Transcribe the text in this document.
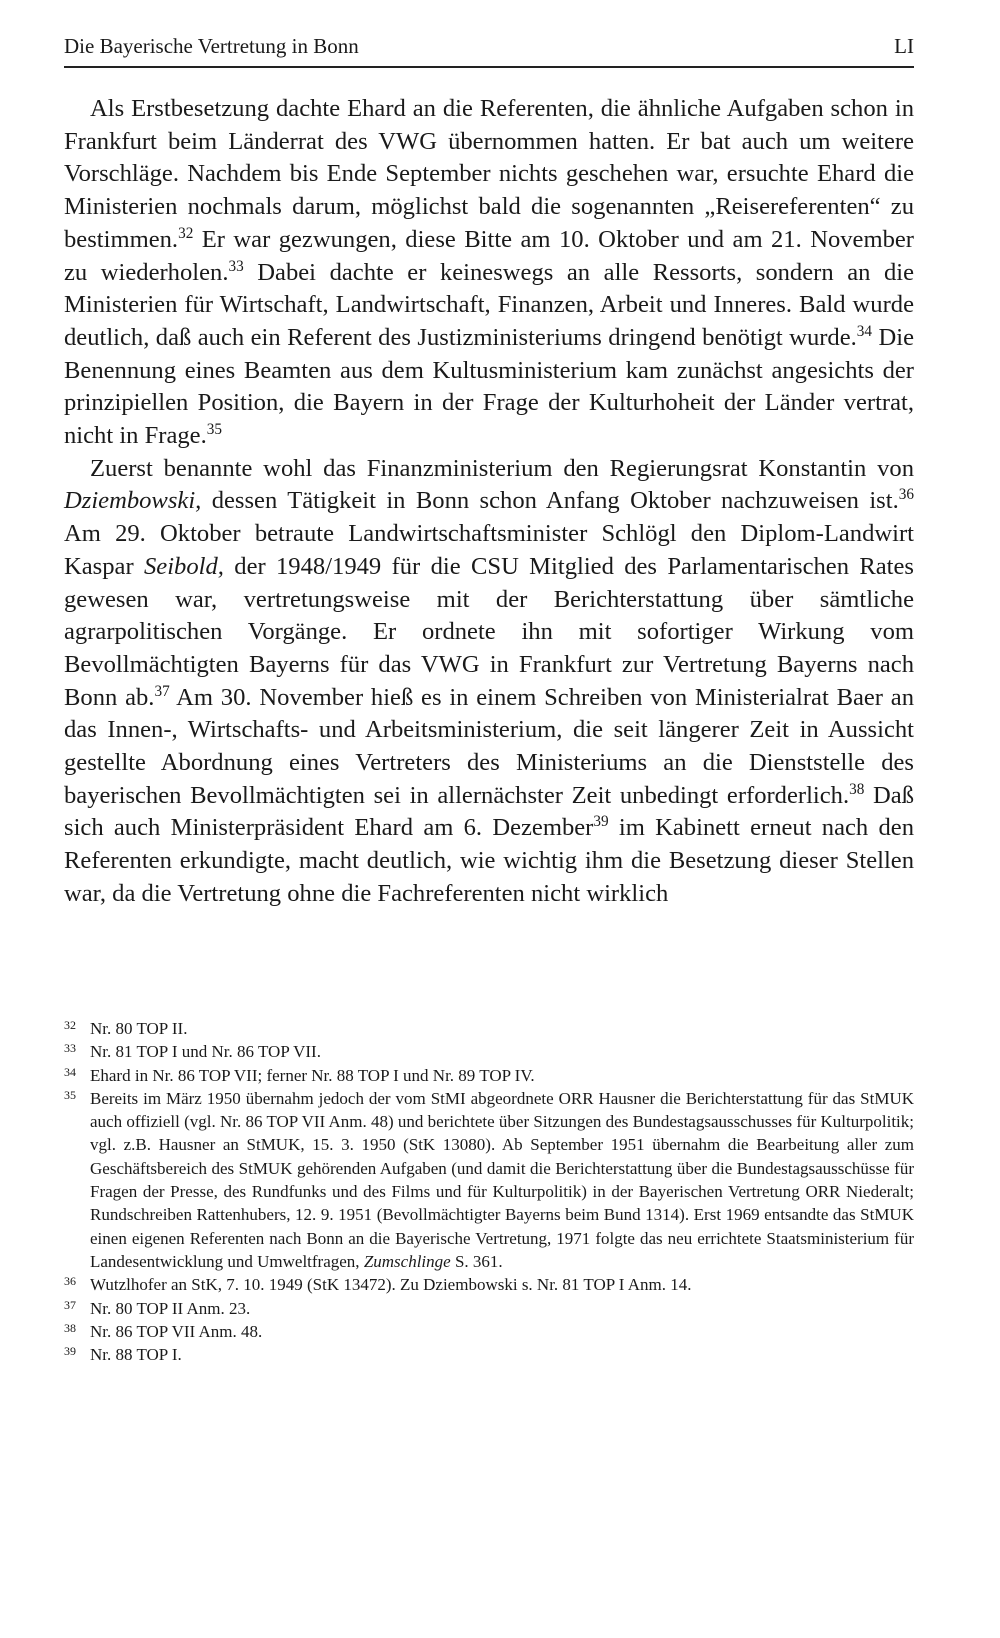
Die Bayerische Vertretung in Bonn	LI

Als Erstbesetzung dachte Ehard an die Referenten, die ähnliche Aufgaben schon in Frankfurt beim Länderrat des VWG übernommen hatten. Er bat auch um weitere Vorschläge. Nachdem bis Ende September nichts geschehen war, ersuchte Ehard die Ministerien nochmals darum, möglichst bald die sogenannten „Reisereferenten“ zu bestimmen.$^{32}$ Er war gezwungen, diese Bitte am 10. Oktober und am 21. November zu wiederholen.$^{33}$ Dabei dachte er keineswegs an alle Ressorts, sondern an die Ministerien für Wirtschaft, Landwirtschaft, Finanzen, Arbeit und Inneres. Bald wurde deutlich, daß auch ein Referent des Justizministeriums dringend benötigt wurde.$^{34}$ Die Benennung eines Beamten aus dem Kultusministerium kam zunächst angesichts der prinzipiellen Position, die Bayern in der Frage der Kulturhoheit der Länder vertrat, nicht in Frage.$^{35}$

Zuerst benannte wohl das Finanzministerium den Regierungsrat Konstantin von Dziembowski, dessen Tätigkeit in Bonn schon Anfang Oktober nachzuweisen ist.$^{36}$ Am 29. Oktober betraute Landwirtschaftsminister Schlögl den Diplom-Landwirt Kaspar Seibold, der 1948/1949 für die CSU Mitglied des Parlamentarischen Rates gewesen war, vertretungsweise mit der Berichterstattung über sämtliche agrarpolitischen Vorgänge. Er ordnete ihn mit sofortiger Wirkung vom Bevollmächtigten Bayerns für das VWG in Frankfurt zur Vertretung Bayerns nach Bonn ab.$^{37}$ Am 30. November hieß es in einem Schreiben von Ministerialrat Baer an das Innen-, Wirtschafts- und Arbeitsministerium, die seit längerer Zeit in Aussicht gestellte Abordnung eines Vertreters des Ministeriums an die Dienststelle des bayerischen Bevollmächtigten sei in allernächster Zeit unbedingt erforderlich.$^{38}$ Daß sich auch Ministerpräsident Ehard am 6. Dezember$^{39}$ im Kabinett erneut nach den Referenten erkundigte, macht deutlich, wie wichtig ihm die Besetzung dieser Stellen war, da die Vertretung ohne die Fachreferenten nicht wirklich

32 Nr. 80 TOP II.
33 Nr. 81 TOP I und Nr. 86 TOP VII.
34 Ehard in Nr. 86 TOP VII; ferner Nr. 88 TOP I und Nr. 89 TOP IV.
35 Bereits im März 1950 übernahm jedoch der vom StMI abgeordnete ORR Hausner die Berichterstattung für das StMUK auch offiziell (vgl. Nr. 86 TOP VII Anm. 48) und berichtete über Sitzungen des Bundestagsausschusses für Kulturpolitik; vgl. z.B. Hausner an StMUK, 15. 3. 1950 (StK 13080). Ab September 1951 übernahm die Bearbeitung aller zum Geschäftsbereich des StMUK gehörenden Aufgaben (und damit die Berichterstattung über die Bundestagsausschüsse für Fragen der Presse, des Rundfunks und des Films und für Kulturpolitik) in der Bayerischen Vertretung ORR Niederalt; Rundschreiben Rattenhubers, 12. 9. 1951 (Bevollmächtigter Bayerns beim Bund 1314). Erst 1969 entsandte das StMUK einen eigenen Referenten nach Bonn an die Bayerische Vertretung, 1971 folgte das neu errichtete Staatsministerium für Landesentwicklung und Umweltfragen, Zumschlinge S. 361.
36 Wutzlhofer an StK, 7. 10. 1949 (StK 13472). Zu Dziembowski s. Nr. 81 TOP I Anm. 14.
37 Nr. 80 TOP II Anm. 23.
38 Nr. 86 TOP VII Anm. 48.
39 Nr. 88 TOP I.
